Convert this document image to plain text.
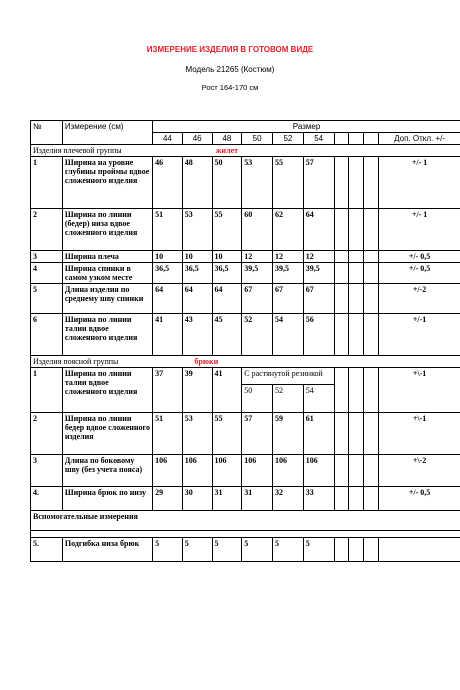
ИЗМЕРЕНИЕ ИЗДЕЛИЯ В ГОТОВОМ ВИДЕ
Модель 21265 (Костюм)
Рост 164-170 см
№	Измерение (см)	Размер									
		44	46	48	50	52	54				Доп. Откл. +/-
Изделия плечевой группы жилет											
1	Ширина на уровне глубины проймы вдвое сложенного изделия	46	48	50	53	55	57				+/- 1
2	Ширина по линии (бедер) низа вдвое сложенного изделия	51	53	55	60	62	64				+/- 1
3	Ширина плеча	10	10	10	12	12	12				+/- 0,5
4	Ширина спинки в самом узком месте	36,5	36,5	36,5	39,5	39,5	39,5				+/- 0,5
5	Длина изделия по среднему шву спинки	64	64	64	67	67	67				+/-2
6	Ширина по линии талии вдвое сложенного изделия	41	43	45	52	54	56				+/-1
Изделия поясной группы брюки											
1	Ширина по линии талии вдвое сложенного изделия	37	39	41	С растянутой резинкой						+\-1
					50	52	54				
2	Ширина по линии бедер вдвое сложенного изделия	51	53	55	57	59	61				+\-1
3	Длина по боковому шву (без учета пояса)	106	106	106	106	106	106				+\-2
4.	Ширина брюк по низу	29	30	31	31	32	33				+/- 0,5
Вспомогательные измерения											

5.	Подгибка низа брюк	5	5	5	5	5	5				
